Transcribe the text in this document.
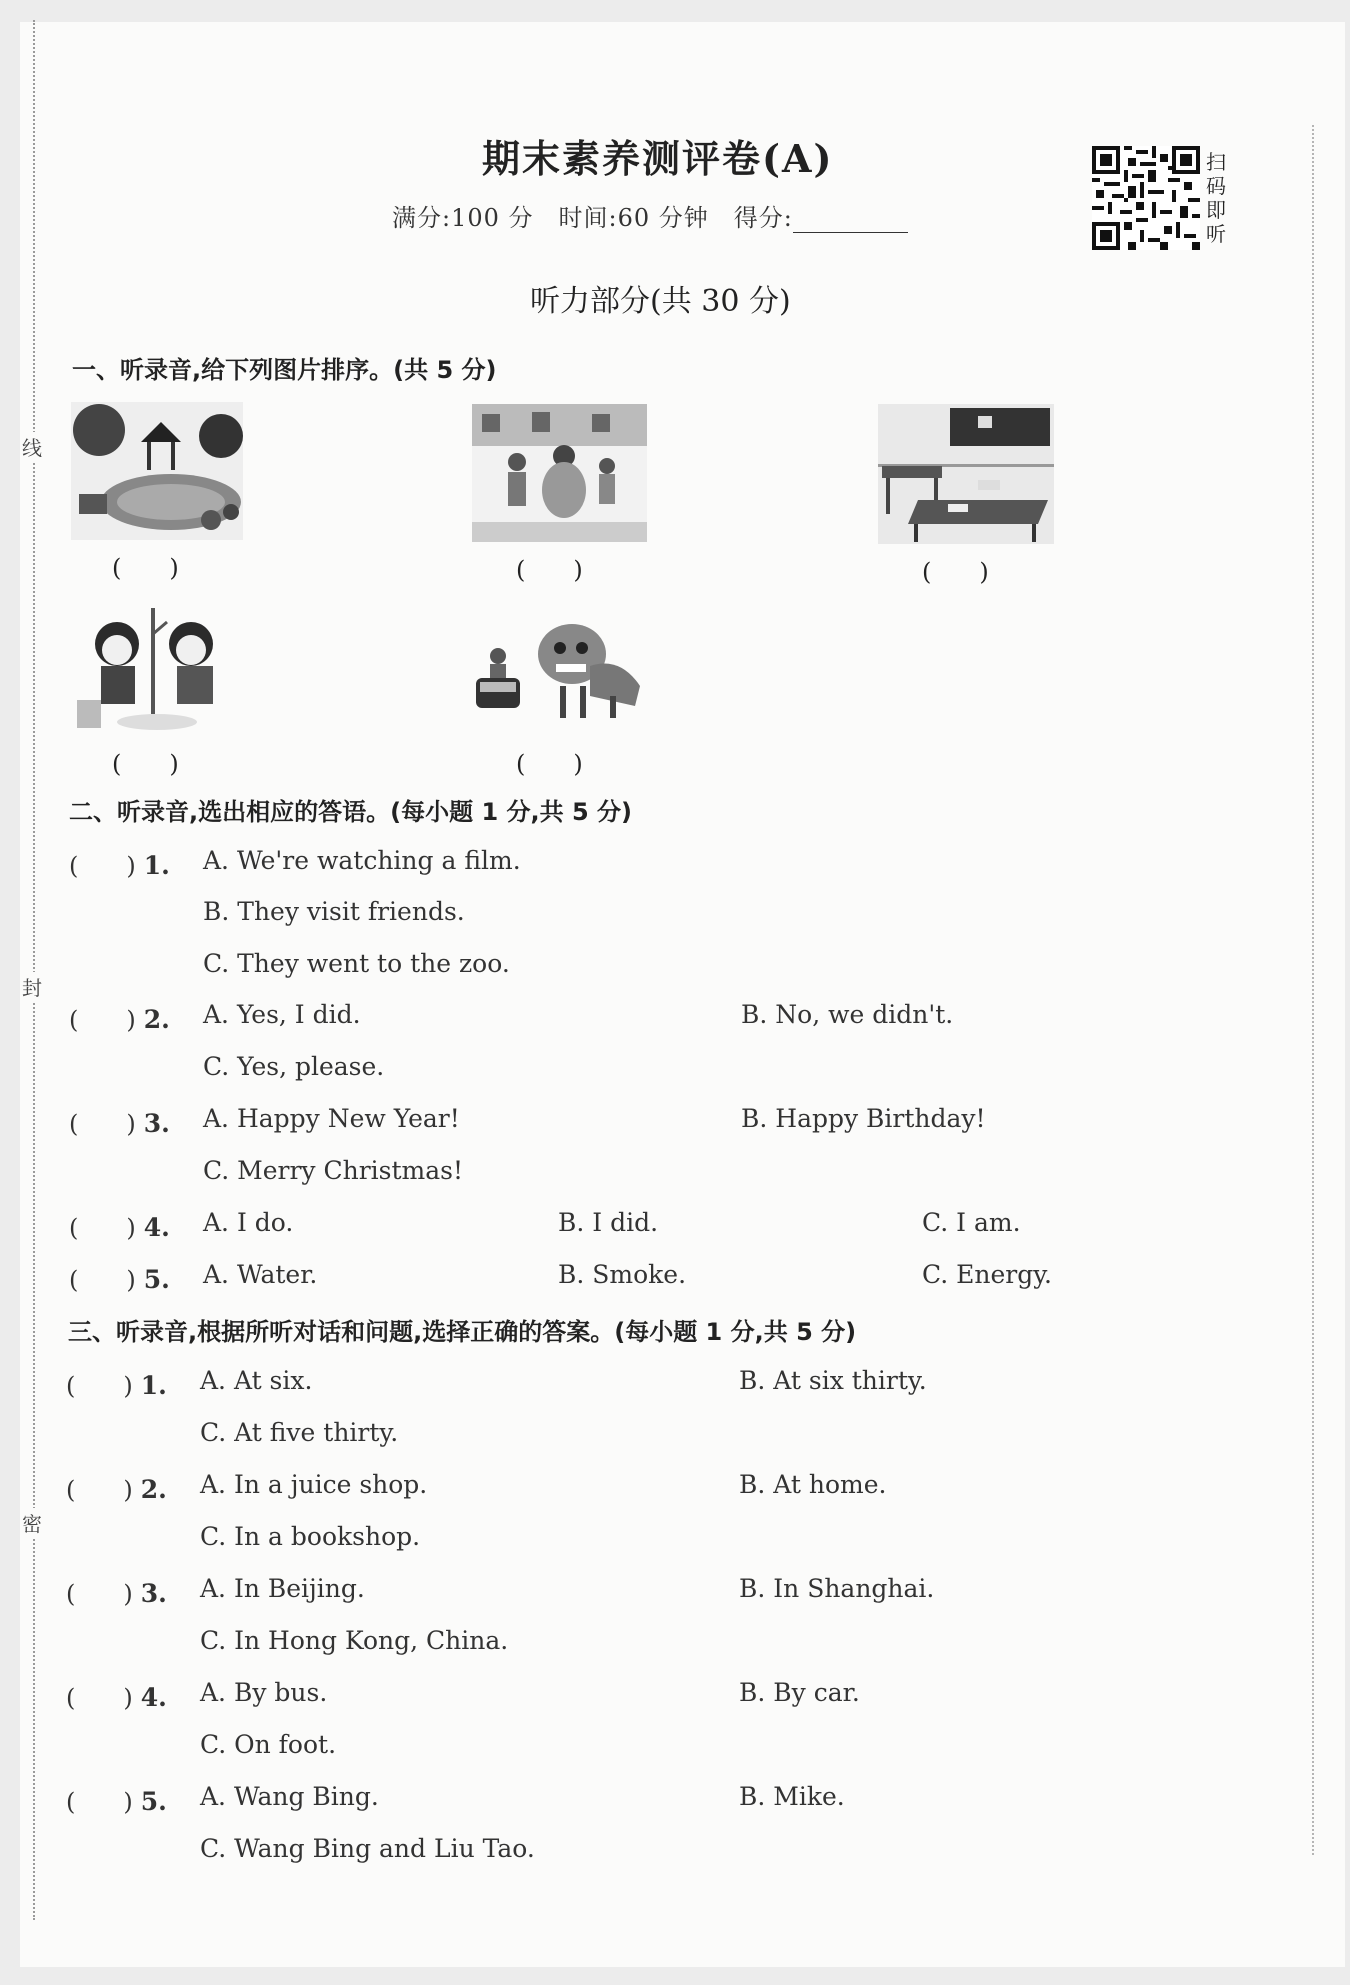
线
封
密
期末素养测评卷(A)
满分:100 分　时间:60 分钟　得分:
听力部分(共 30 分)
扫码即听
一、听录音,给下列图片排序。(共 5 分)
(　　)	(　　)	(　　)
(　　)	(　　)
二、听录音,选出相应的答语。(每小题 1 分,共 5 分)
(　　) 1. A. We're watching a film.
B. They visit friends.
C. They went to the zoo.
(　　) 2. A. Yes, I did.	B. No, we didn't.
C. Yes, please.
(　　) 3. A. Happy New Year!	B. Happy Birthday!
C. Merry Christmas!
(　　) 4. A. I do.	B. I did.	C. I am.
(　　) 5. A. Water.	B. Smoke.	C. Energy.
三、听录音,根据所听对话和问题,选择正确的答案。(每小题 1 分,共 5 分)
(　　) 1. A. At six.	B. At six thirty.
C. At five thirty.
(　　) 2. A. In a juice shop.	B. At home.
C. In a bookshop.
(　　) 3. A. In Beijing.	B. In Shanghai.
C. In Hong Kong, China.
(　　) 4. A. By bus.	B. By car.
C. On foot.
(　　) 5. A. Wang Bing.	B. Mike.
C. Wang Bing and Liu Tao.
